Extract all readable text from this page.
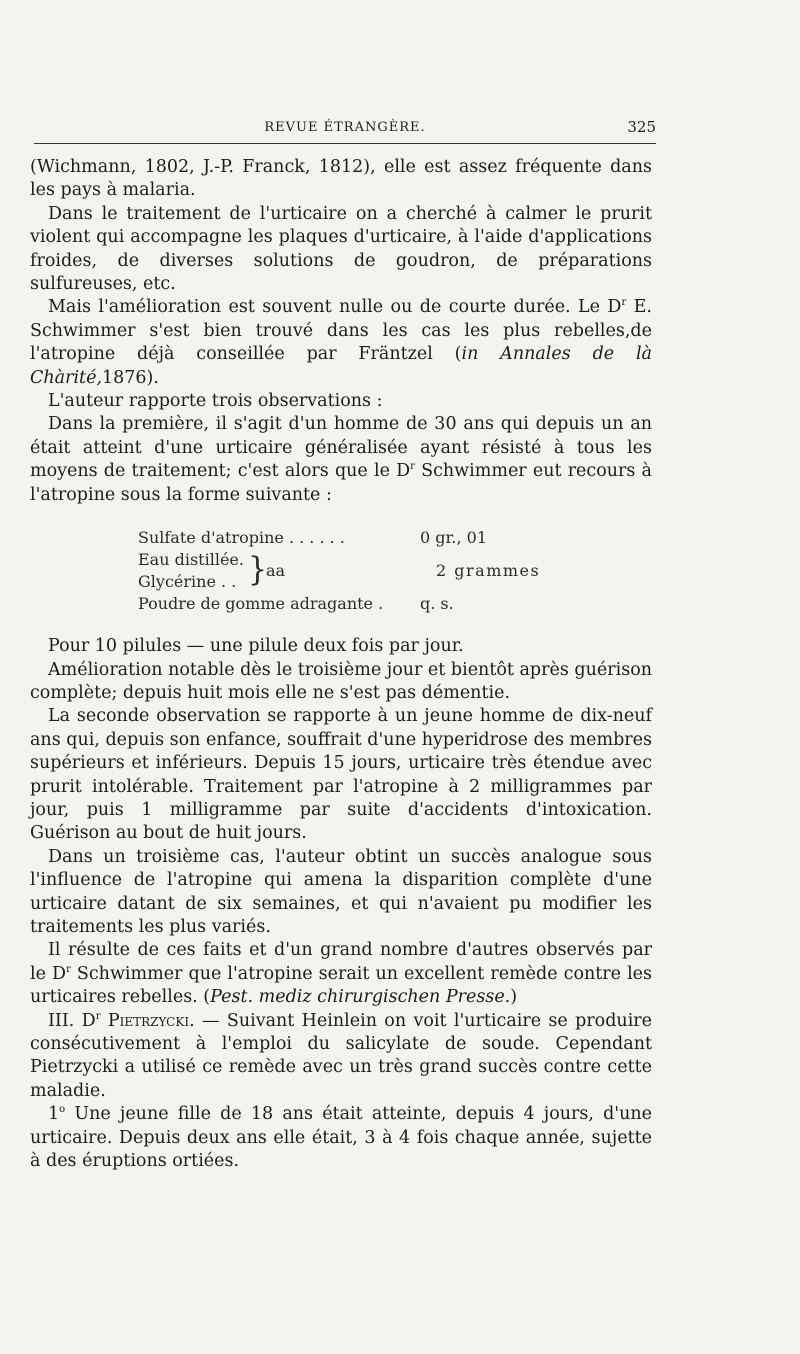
REVUE ÉTRANGÈRE.	325

(Wichmann, 1802, J.-P. Franck, 1812), elle est assez fréquente dans les pays à malaria.

Dans le traitement de l'urticaire on a cherché à calmer le prurit violent qui accompagne les plaques d'urticaire, à l'aide d'applications froides, de diverses solutions de goudron, de préparations sulfureuses, etc.

Mais l'amélioration est souvent nulle ou de courte durée. Le $D^r$ E. Schwimmer s'est bien trouvé dans les cas les plus rebelles,de l'atropine déjà conseillée par Fräntzel (in Annales de là Chàrité,1876).

L'auteur rapporte trois observations :

Dans la première, il s'agit d'un homme de 30 ans qui depuis un an était atteint d'une urticaire généralisée ayant résisté à tous les moyens de traitement; c'est alors que le $D^r$ Schwimmer eut recours à l'atropine sous la forme suivante :

Sulfate d'atropine . . . . . .	0 gr., 01
Eau distillée.
Glycérine . . }
aa	2 grammes
Poudre de gomme adragante . q. s.

Pour 10 pilules — une pilule deux fois par jour.

Amélioration notable dès le troisième jour et bientôt après guérison complète; depuis huit mois elle ne s'est pas démentie.

La seconde observation se rapporte à un jeune homme de dix-neuf ans qui, depuis son enfance, souffrait d'une hyperidrose des membres supérieurs et inférieurs. Depuis 15 jours, urticaire très étendue avec prurit intolérable. Traitement par l'atropine à 2 milligrammes par jour, puis 1 milligramme par suite d'accidents d'intoxication. Guérison au bout de huit jours.

Dans un troisième cas, l'auteur obtint un succès analogue sous l'influence de l'atropine qui amena la disparition complète d'une urticaire datant de six semaines, et qui n'avaient pu modifier les traitements les plus variés.

Il résulte de ces faits et d'un grand nombre d'autres observés par le $D^r$ Schwimmer que l'atropine serait un excellent remède contre les urticaires rebelles. (Pest. mediz chirurgischen Presse.)

III. $D^r$ Pietrzycki. — Suivant Heinlein on voit l'urticaire se produire consécutivement à l'emploi du salicylate de soude. Cependant Pietrzycki a utilisé ce remède avec un très grand succès contre cette maladie.

1$^o$ Une jeune fille de 18 ans était atteinte, depuis 4 jours, d'une urticaire. Depuis deux ans elle était, 3 à 4 fois chaque année, sujette à des éruptions ortiées.
